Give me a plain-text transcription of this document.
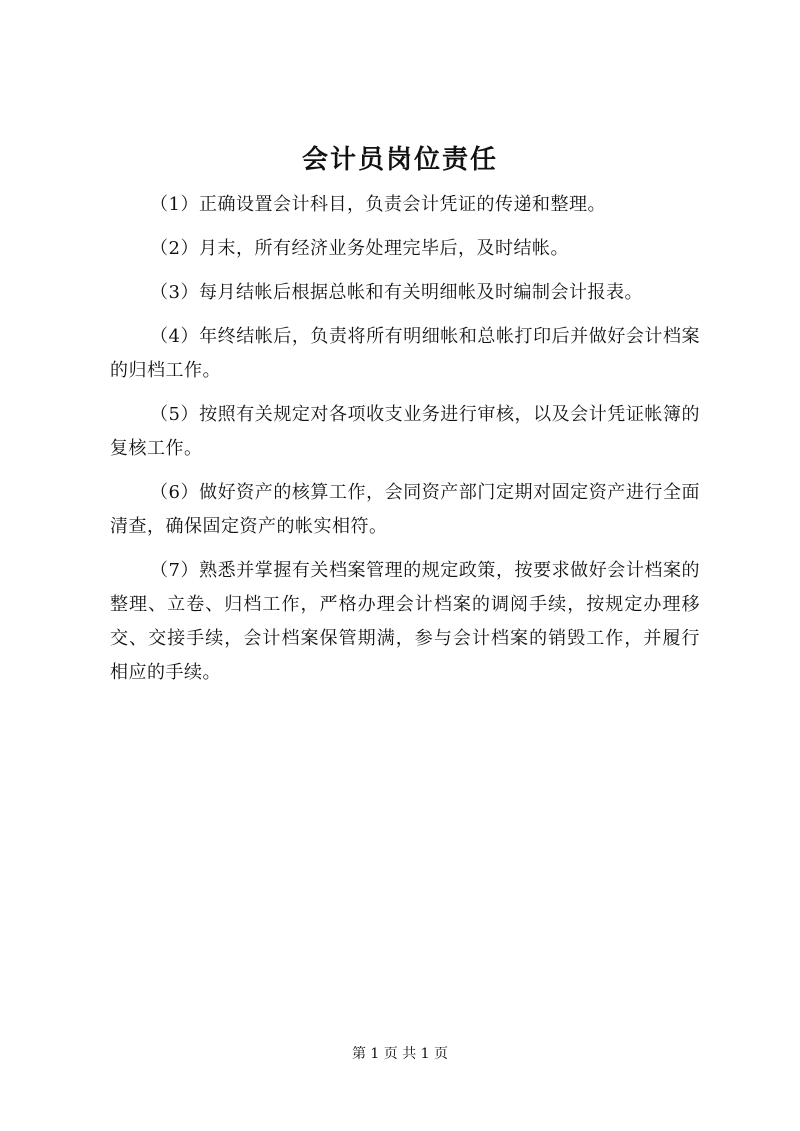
会计员岗位责任

（1）正确设置会计科目，负责会计凭证的传递和整理。

（2）月末，所有经济业务处理完毕后，及时结帐。

（3）每月结帐后根据总帐和有关明细帐及时编制会计报表。

（4）年终结帐后，负责将所有明细帐和总帐打印后并做好会计档案的归档工作。

（5）按照有关规定对各项收支业务进行审核，以及会计凭证帐簿的复核工作。

（6）做好资产的核算工作，会同资产部门定期对固定资产进行全面清查，确保固定资产的帐实相符。

（7）熟悉并掌握有关档案管理的规定政策，按要求做好会计档案的整理、立卷、归档工作，严格办理会计档案的调阅手续，按规定办理移交、交接手续，会计档案保管期满，参与会计档案的销毁工作，并履行相应的手续。

第 1 页 共 1 页
